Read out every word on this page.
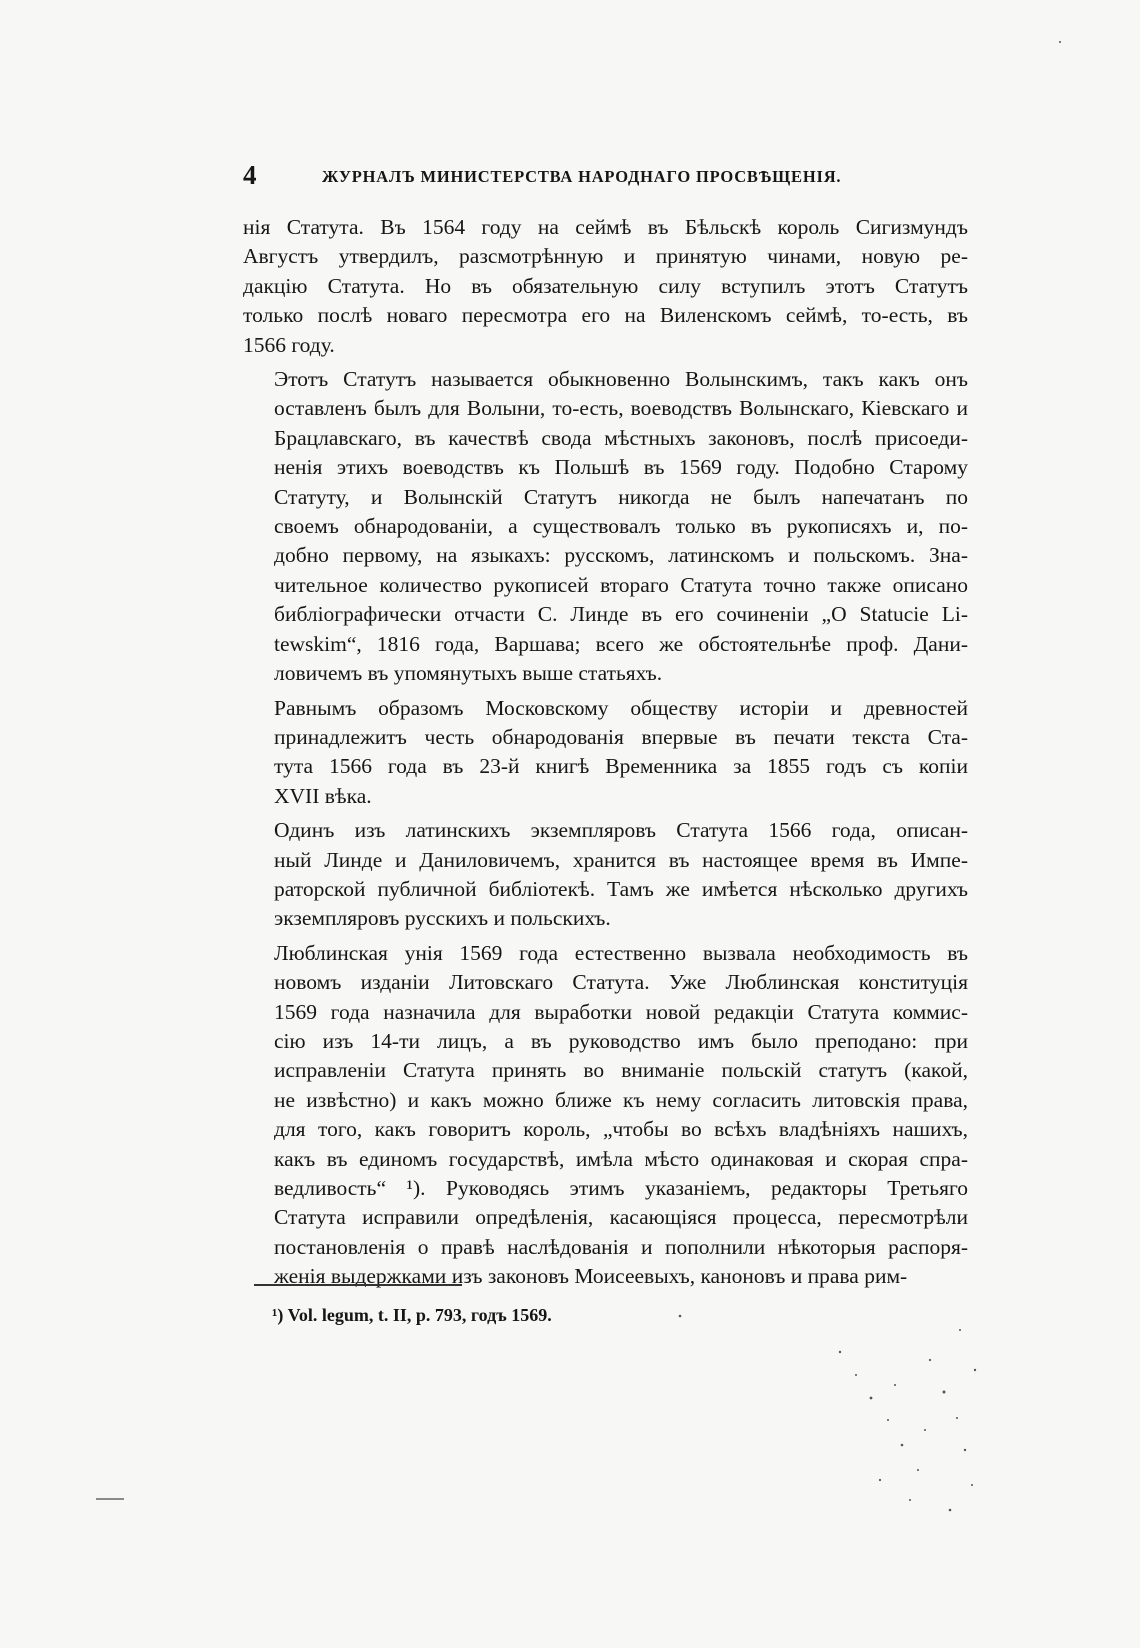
4	ЖУРНАЛЪ МИНИСТЕРСТВА НАРОДНАГО ПРОСВѢЩЕНІЯ.

нія Статута. Въ 1564 году на сеймѣ въ Бѣльскѣ король Сигизмундъ
Августъ утвердилъ, разсмотрѣнную и принятую чинами, новую ре-
дакцію Статута. Но въ обязательную силу вступилъ этотъ Статутъ
только послѣ новаго пересмотра его на Виленскомъ сеймѣ, то-есть, въ
1566 году.

Этотъ Статутъ называется обыкновенно Волынскимъ, такъ какъ онъ
оставленъ былъ для Волыни, то-есть, воеводствъ Волынскаго, Кіевскаго и
Брацлавскаго, въ качествѣ свода мѣстныхъ законовъ, послѣ присоеди-
ненія этихъ воеводствъ къ Польшѣ въ 1569 году. Подобно Старому
Статуту, и Волынскій Статутъ никогда не былъ напечатанъ по
своемъ обнародованіи, а существовалъ только въ рукописяхъ и, по-
добно первому, на языкахъ: русскомъ, латинскомъ и польскомъ. Зна-
чительное количество рукописей втораго Статута точно также описано
библіографически отчасти С. Линде въ его сочиненіи „O Statucie Li-
tewskim“, 1816 года, Варшава; всего же обстоятельнѣе проф. Дани-
ловичемъ въ упомянутыхъ выше статьяхъ.

Равнымъ образомъ Московскому обществу исторіи и древностей
принадлежитъ честь обнародованія впервые въ печати текста Ста-
тута 1566 года въ 23-й книгѣ Временника за 1855 годъ съ копіи
XVII вѣка.

Одинъ изъ латинскихъ экземпляровъ Статута 1566 года, описан-
ный Линде и Даниловичемъ, хранится въ настоящее время въ Импе-
раторской публичной библіотекѣ. Тамъ же имѣется нѣсколько другихъ
экземпляровъ русскихъ и польскихъ.

Люблинская унія 1569 года естественно вызвала необходимость въ
новомъ изданіи Литовскаго Статута. Уже Люблинская конституція
1569 года назначила для выработки новой редакціи Статута коммис-
сію изъ 14-ти лицъ, а въ руководство имъ было преподано: при
исправленіи Статута принять во вниманіе польскій статутъ (какой,
не извѣстно) и какъ можно ближе къ нему согласить литовскія права,
для того, какъ говоритъ король, „чтобы во всѣхъ владѣніяхъ нашихъ,
какъ въ единомъ государствѣ, имѣла мѣсто одинаковая и скорая спра-
ведливость“ ¹). Руководясь этимъ указаніемъ, редакторы Третьяго
Статута исправили опредѣленія, касающіяся процесса, пересмотрѣли
постановленія о правѣ наслѣдованія и пополнили нѣкоторыя распоря-
женія выдержками изъ законовъ Моисеевыхъ, каноновъ и права рим-

¹) Vol. legum, t. II, p. 793, годъ 1569.
